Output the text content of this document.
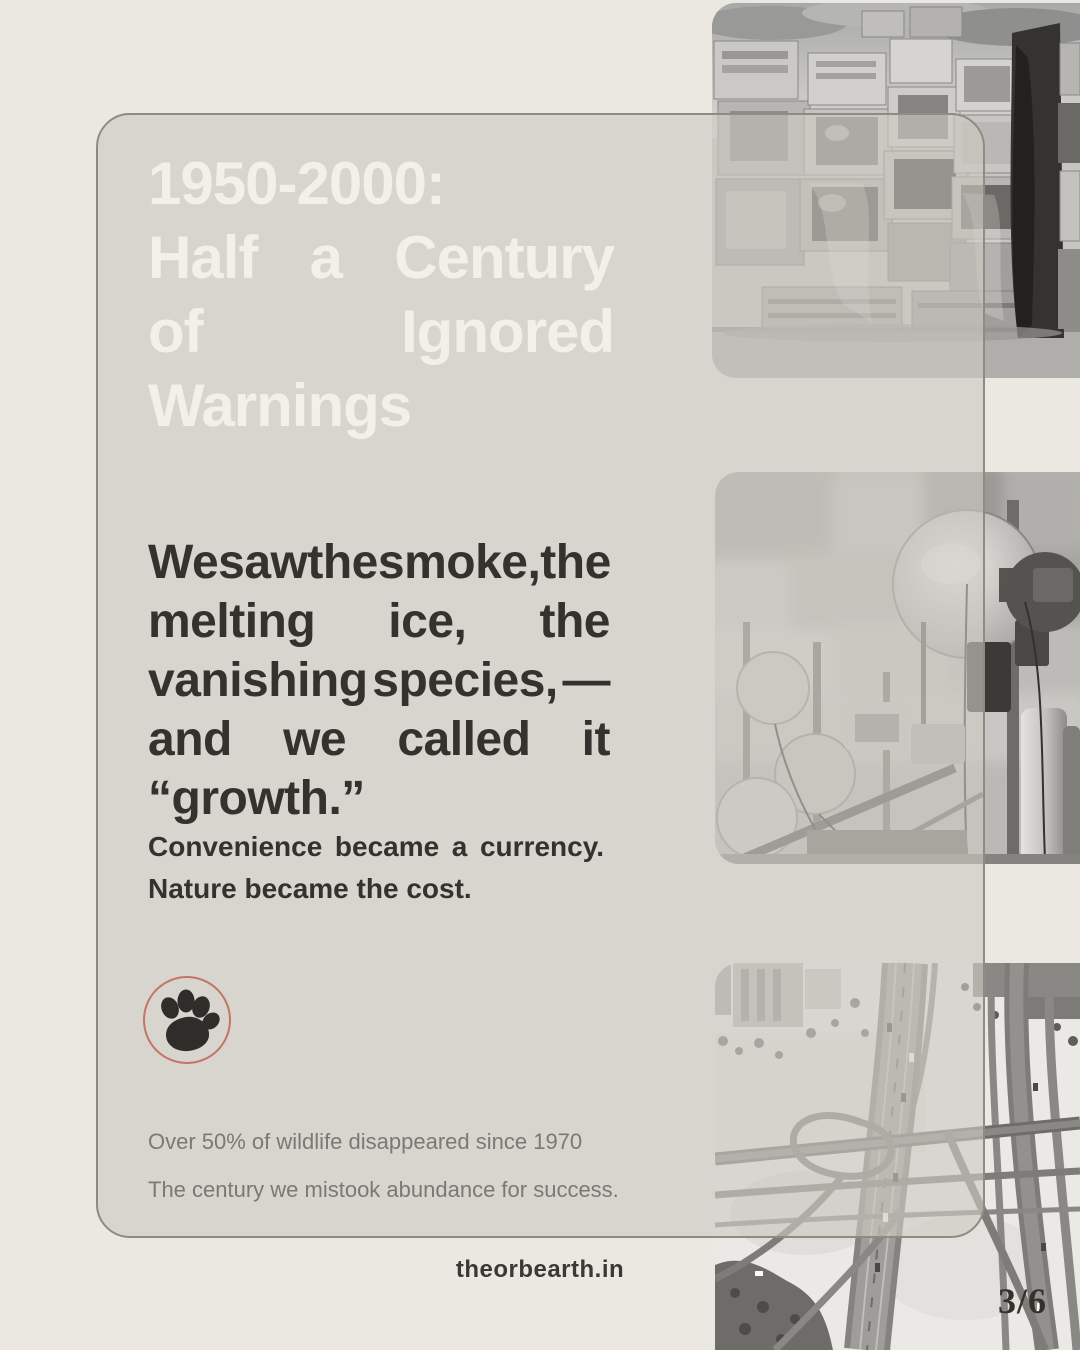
1950-2000:
Half a Century
of	Ignored
Warnings
We saw the smoke, the
melting ice, the
vanishing species, —
and we called it
“growth.”
Convenience became a currency.
Nature became the cost.
Over 50% of wildlife disappeared since 1970
The century we mistook abundance for success.
theorbearth.in
3/6
